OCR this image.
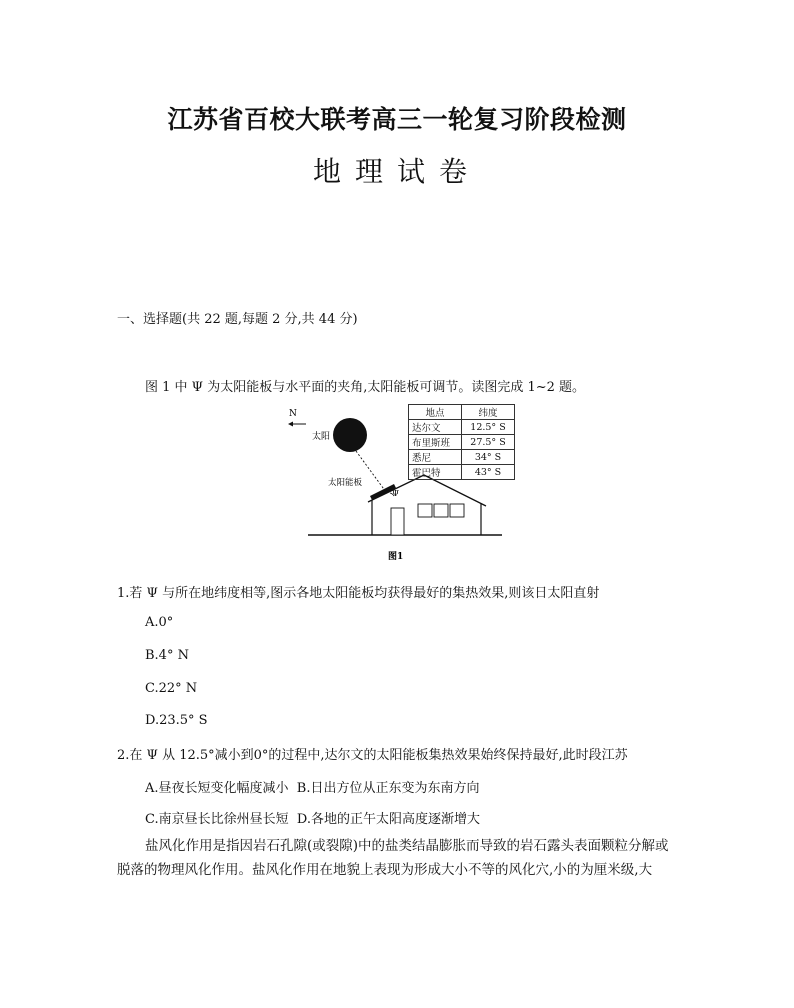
江苏省百校大联考高三一轮复习阶段检测
地理试卷
一、选择题(共 22 题,每题 2 分,共 44 分)
图 1 中 Ψ 为太阳能板与水平面的夹角,太阳能板可调节。读图完成 1~2 题。
N
太阳
太阳能板
Ψ
图1
地点	纬度
达尔文	12.5° S
布里斯班	27.5° S
悉尼	34° S
霍巴特	43° S
1.若 Ψ 与所在地纬度相等,图示各地太阳能板均获得最好的集热效果,则该日太阳直射
A.0°
B.4° N
C.22° N
D.23.5° S
2.在 Ψ 从 12.5°减小到0°的过程中,达尔文的太阳能板集热效果始终保持最好,此时段江苏
A.昼夜长短变化幅度减小  B.日出方位从正东变为东南方向
C.南京昼长比徐州昼长短  D.各地的正午太阳高度逐渐增大
盐风化作用是指因岩石孔隙(或裂隙)中的盐类结晶膨胀而导致的岩石露头表面颗粒分解或脱落的物理风化作用。盐风化作用在地貌上表现为形成大小不等的风化穴,小的为厘米级,大
